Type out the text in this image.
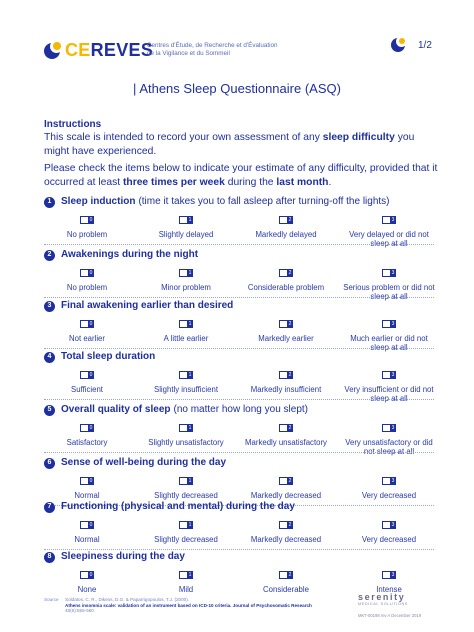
CEREVES
Centres d'Étude, de Recherche et d'Évaluation
de la Vigilance et du Sommeil
1/2
| Athens Sleep Questionnaire (ASQ)
Instructions
This scale is intended to record your own assessment of any sleep difficulty you might have experienced.
Please check the items below to indicate your estimate of any difficulty, provided that it occurred at least three times per week during the last month.
1 Sleep induction (time it takes you to fall asleep after turning-off the lights)
0
No problem
1
Slightly delayed
2
Markedly delayed
3
Very delayed or did not sleep at all
2 Awakenings during the night
0
No problem
1
Minor problem
2
Considerable problem
3
Serious problem or did not sleep at all
3 Final awakening earlier than desired
0
Not earlier
1
A little earlier
2
Markedly earlier
3
Much earlier or did not sleep at all
4 Total sleep duration
0
Sufficient
1
Slightly insufficient
2
Markedly insufficient
3
Very insufficient or did not sleep at all
5 Overall quality of sleep (no matter how long you slept)
0
Satisfactory
1
Slightly unsatisfactory
2
Markedly unsatisfactory
3
Very unsatisfactory or did not sleep at all
6 Sense of well-being during the day
0
Normal
1
Slightly decreased
2
Markedly decreased
3
Very decreased
7 Functioning (physical and mental) during the day
0
Normal
1
Slightly decreased
2
Markedly decreased
3
Very decreased
8 Sleepiness during the day
0
None
1
Mild
2
Considerable
3
Intense
Source Soldatos, C. R., Dikeos, D.G. & Paparrigopoulos, T.J. (2000).
Athens insomnia scale: validation of an instrument based on ICD-10 criteria. Journal of Psychosomatic Research
48(6):555-560
serenity
MEDICAL SOLUTIONS
MKT-00198 rev A December 2019
